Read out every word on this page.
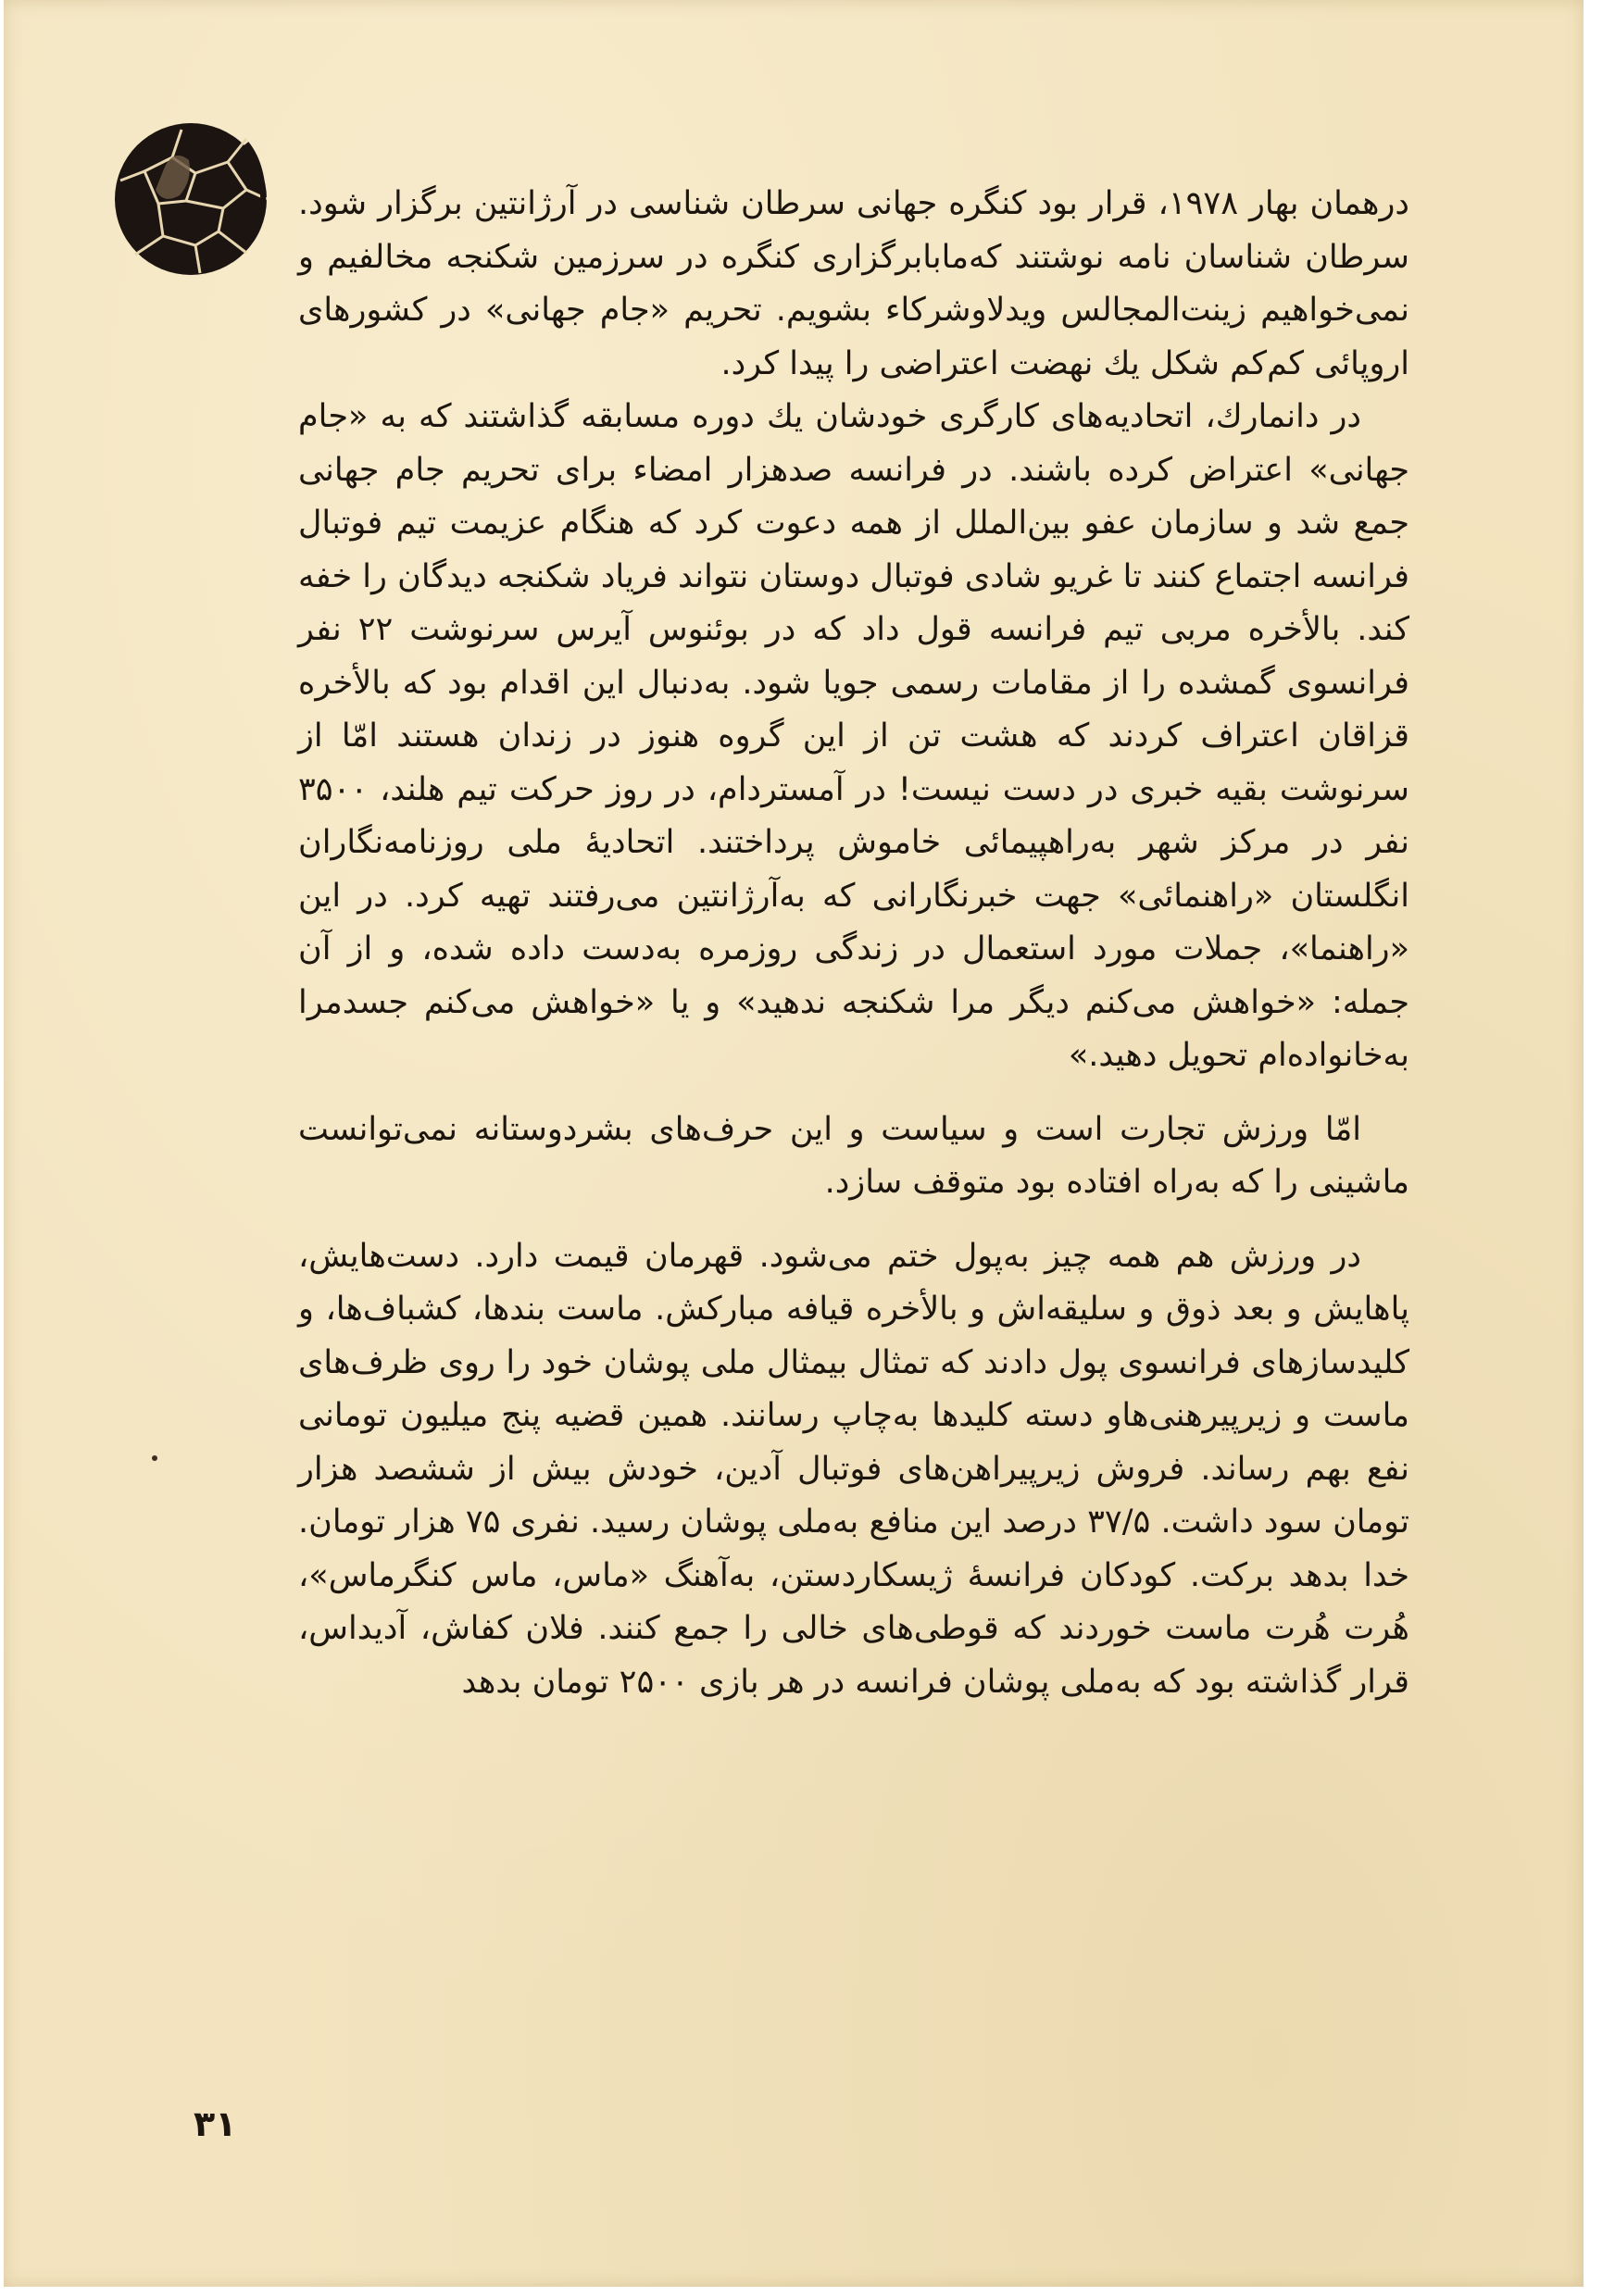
درهمان بهار ۱۹۷۸، قرار بود کنگره جهانی سرطان شناسی در آرژانتین برگزار شود. سرطان شناسان نامه نوشتند که‌مابابرگزاری کنگره در سرزمین شکنجه مخالفیم و نمی‌خواهیم زینت‌المجالس ویدلاوشرکاء بشویم. تحریم «جام جهانی» در کشورهای اروپائی کم‌کم شکل یك نهضت اعتراضی را پیدا کرد.

در دانمارك، اتحادیه‌های کارگری خودشان یك دوره مسابقه گذاشتند که به «جام جهانی» اعتراض کرده باشند. در فرانسه صدهزار امضاء برای تحریم جام جهانی جمع شد و سازمان عفو بین‌الملل از همه دعوت کرد که هنگام عزیمت تیم فوتبال فرانسه اجتماع کنند تا غریو شادی فوتبال دوستان نتواند فریاد شکنجه دیدگان را خفه کند. بالأخره مربی تیم فرانسه قول داد که در بوئنوس آیرس سرنوشت ۲۲ نفر فرانسوی گمشده را از مقامات رسمی جویا شود. به‌دنبال این اقدام بود که بالأخره قزاقان اعتراف کردند که هشت تن از این گروه هنوز در زندان هستند امّا از سرنوشت بقیه خبری در دست نیست! در آمستردام، در روز حرکت تیم هلند، ۳۵۰۰ نفر در مرکز شهر به‌راهپیمائی خاموش پرداختند. اتحادیهٔ ملی روزنامه‌نگاران انگلستان «راهنمائی» جهت خبرنگارانی که به‌آرژانتین می‌رفتند تهیه کرد. در این «راهنما»، جملات مورد استعمال در زندگی روزمره به‌دست داده شده، و از آن جمله: «خواهش می‌کنم دیگر مرا شکنجه ندهید» و یا «خواهش می‌کنم جسدمرا به‌خانواده‌ام تحویل دهید.»

امّا ورزش تجارت است و سیاست و این حرف‌های بشردوستانه نمی‌توانست ماشینی را که به‌راه افتاده بود متوقف سازد.

در ورزش هم همه چیز به‌پول ختم می‌شود. قهرمان قیمت دارد. دست‌هایش، پاهایش و بعد ذوق و سلیقه‌اش و بالأخره قیافه مبارکش. ماست بندها، کشباف‌ها، و کلیدسازهای فرانسوی پول دادند که تمثال بیمثال ملی پوشان خود را روی ظرف‌های ماست و زیرپیرهنی‌هاو دسته کلیدها به‌چاپ رسانند. همین قضیه پنج میلیون تومانی نفع بهم رساند. فروش زیرپیراهن‌های فوتبال آدین، خودش بیش از ششصد هزار تومان سود داشت. ۳۷/۵ درصد این منافع به‌ملی پوشان رسید. نفری ۷۵ هزار تومان. خدا بدهد برکت. کودکان فرانسهٔ ژیسکاردستن، به‌آهنگ «ماس، ماس کنگرماس»، هُرت هُرت ماست خوردند که قوطی‌های خالی را جمع کنند. فلان کفاش، آدیداس، قرار گذاشته بود که به‌ملی پوشان فرانسه در هر بازی ۲۵۰۰ تومان بدهد

۳۱
